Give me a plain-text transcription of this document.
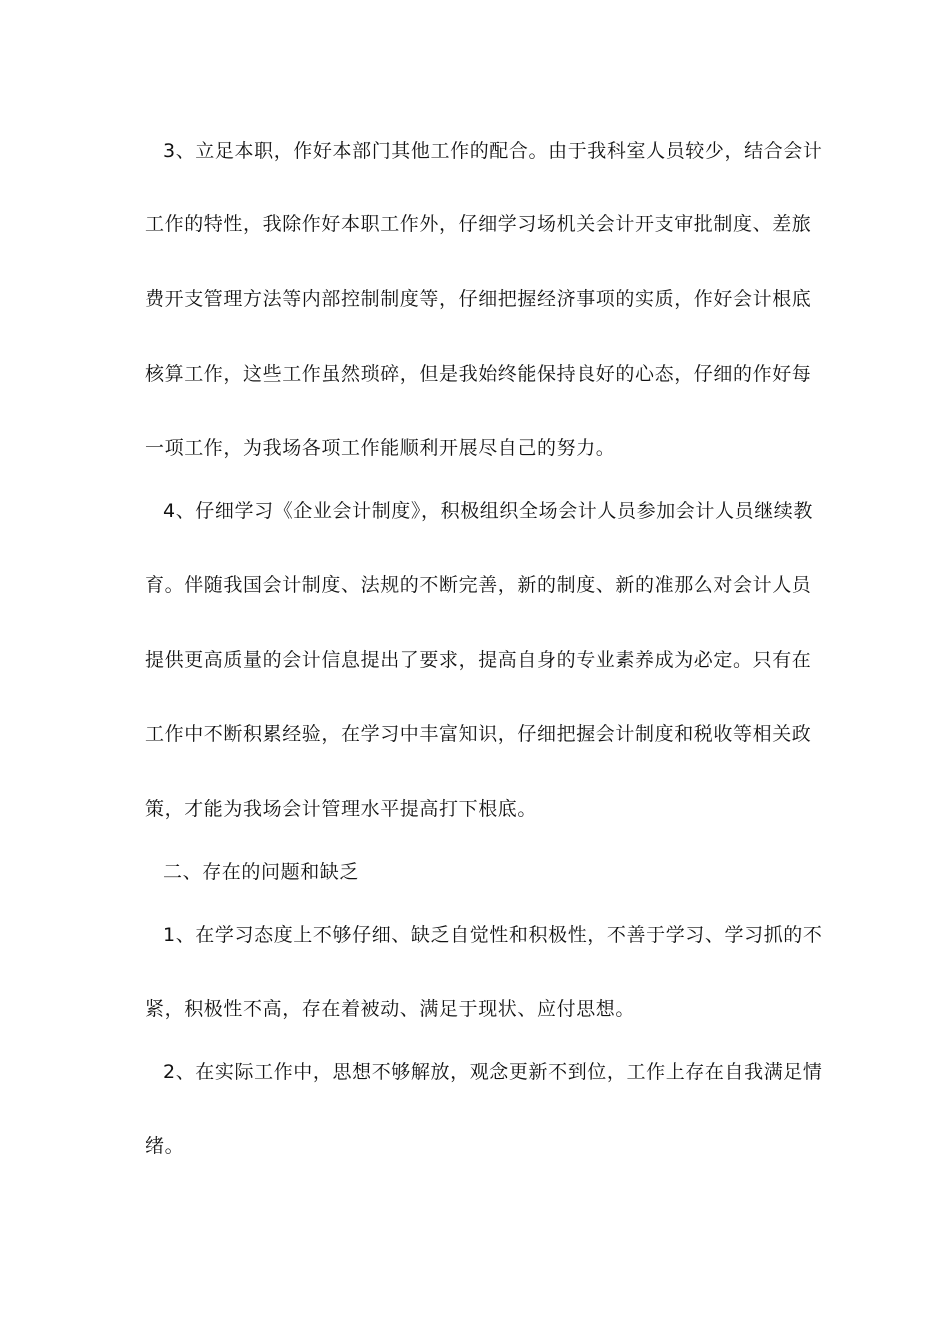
3、立足本职，作好本部门其他工作的配合。由于我科室人员较少，结合会计
工作的特性，我除作好本职工作外，仔细学习场机关会计开支审批制度、差旅
费开支管理方法等内部控制制度等，仔细把握经济事项的实质，作好会计根底
核算工作，这些工作虽然琐碎，但是我始终能保持良好的心态，仔细的作好每
一项工作，为我场各项工作能顺利开展尽自己的努力。
4、仔细学习《企业会计制度》，积极组织全场会计人员参加会计人员继续教
育。伴随我国会计制度、法规的不断完善，新的制度、新的准那么对会计人员
提供更高质量的会计信息提出了要求，提高自身的专业素养成为必定。只有在
工作中不断积累经验，在学习中丰富知识，仔细把握会计制度和税收等相关政
策，才能为我场会计管理水平提高打下根底。
二、存在的问题和缺乏
1、在学习态度上不够仔细、缺乏自觉性和积极性，不善于学习、学习抓的不
紧，积极性不高，存在着被动、满足于现状、应付思想。
2、在实际工作中，思想不够解放，观念更新不到位，工作上存在自我满足情
绪。
